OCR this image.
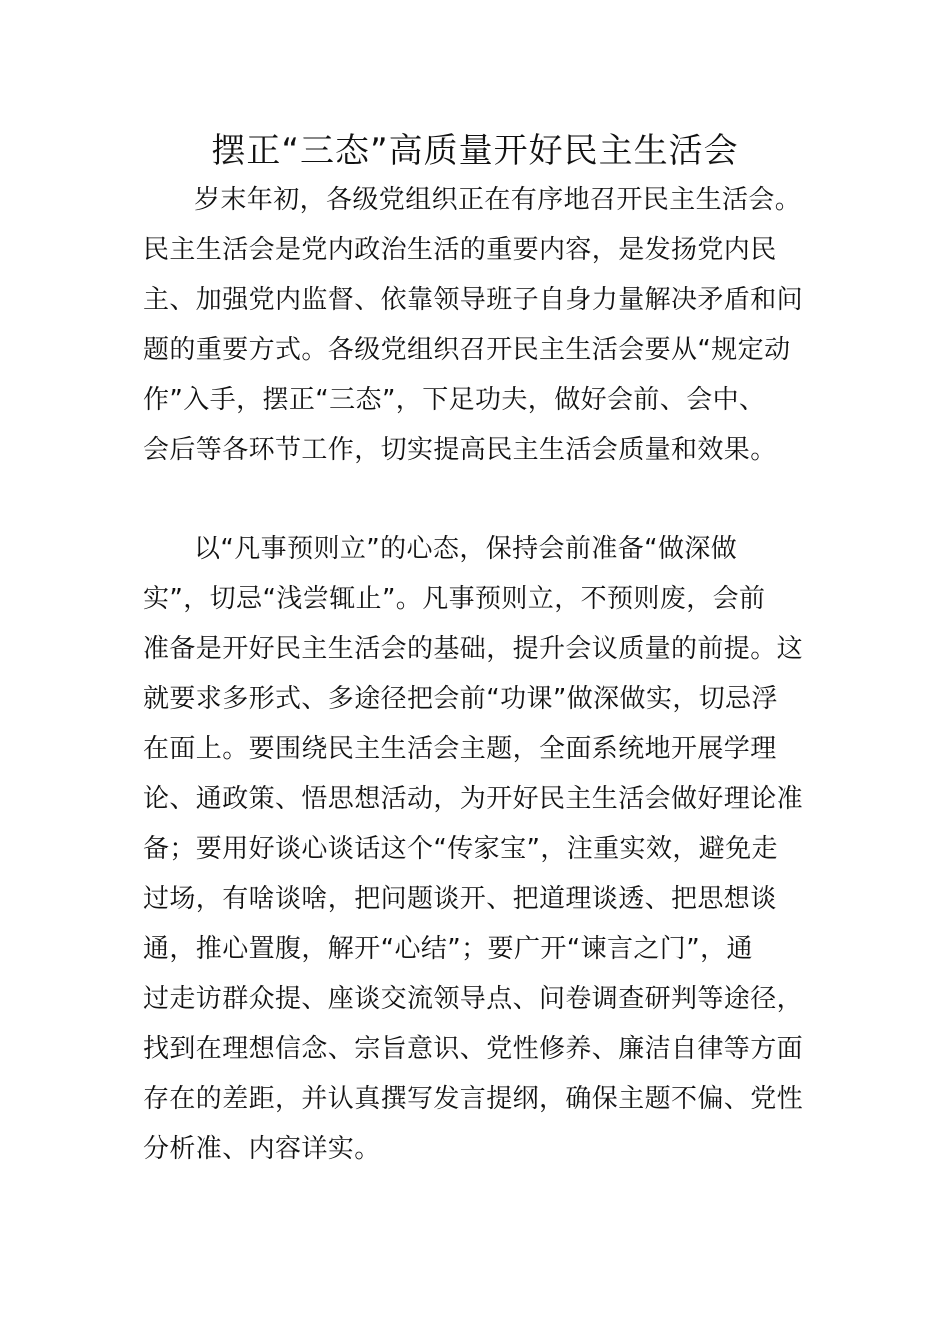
摆正“三态”高质量开好民主生活会
岁末年初，各级党组织正在有序地召开民主生活会。
民主生活会是党内政治生活的重要内容，是发扬党内民
主、加强党内监督、依靠领导班子自身力量解决矛盾和问
题的重要方式。各级党组织召开民主生活会要从“规定动
作”入手，摆正“三态”，下足功夫，做好会前、会中、
会后等各环节工作，切实提高民主生活会质量和效果。
以“凡事预则立”的心态，保持会前准备“做深做
实”，切忌“浅尝辄止”。凡事预则立，不预则废，会前
准备是开好民主生活会的基础，提升会议质量的前提。这
就要求多形式、多途径把会前“功课”做深做实，切忌浮
在面上。要围绕民主生活会主题，全面系统地开展学理
论、通政策、悟思想活动，为开好民主生活会做好理论准
备；要用好谈心谈话这个“传家宝”，注重实效，避免走
过场，有啥谈啥，把问题谈开、把道理谈透、把思想谈
通，推心置腹，解开“心结”；要广开“谏言之门”，通
过走访群众提、座谈交流领导点、问卷调查研判等途径，
找到在理想信念、宗旨意识、党性修养、廉洁自律等方面
存在的差距，并认真撰写发言提纲，确保主题不偏、党性
分析准、内容详实。
